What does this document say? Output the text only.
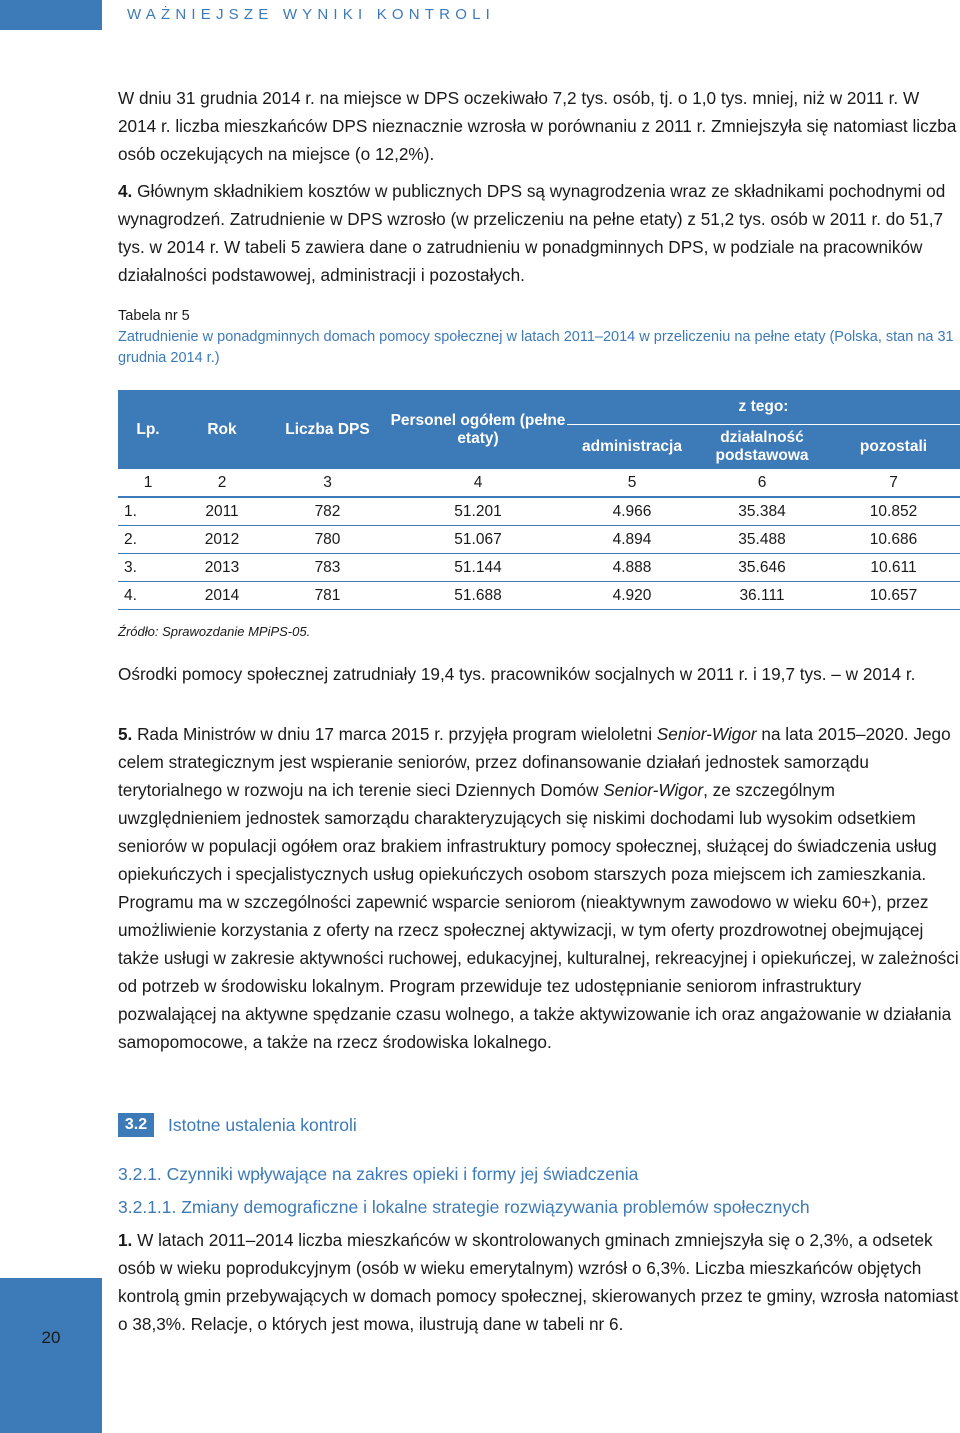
WAŻNIEJSZE WYNIKI KONTROLI

W dniu 31 grudnia 2014 r. na miejsce w DPS oczekiwało 7,2 tys. osób, tj. o 1,0 tys. mniej, niż w 2011 r. W 2014 r. liczba mieszkańców DPS nieznacznie wzrosła w porównaniu z 2011 r. Zmniejszyła się natomiast liczba osób oczekujących na miejsce (o 12,2%).

4. Głównym składnikiem kosztów w publicznych DPS są wynagrodzenia wraz ze składnikami pochodnymi od wynagrodzeń. Zatrudnienie w DPS wzrosło (w przeliczeniu na pełne etaty) z 51,2 tys. osób w 2011 r. do 51,7 tys. w 2014 r. W tabeli 5 zawiera dane o zatrudnieniu w ponadgminnych DPS, w podziale na pracowników działalności podstawowej, administracji i pozostałych.

Tabela nr 5
Zatrudnienie w ponadgminnych domach pomocy społecznej w latach 2011–2014 w przeliczeniu na pełne etaty (Polska, stan na 31 grudnia 2014 r.)
Lp.	Rok	Liczba DPS	Personel ogółem (pełne etaty)	z tego:		
				administracja	działalność podstawowa	pozostali
1	2	3	4	5	6	7
1.	2011	782	51.201	4.966	35.384	10.852
2.	2012	780	51.067	4.894	35.488	10.686
3.	2013	783	51.144	4.888	35.646	10.611
4.	2014	781	51.688	4.920	36.111	10.657
Źródło: Sprawozdanie MPiPS-05.

Ośrodki pomocy społecznej zatrudniały 19,4 tys. pracowników socjalnych w 2011 r. i 19,7 tys. – w 2014 r.

5. Rada Ministrów w dniu 17 marca 2015 r. przyjęła program wieloletni Senior-Wigor na lata 2015–2020. Jego celem strategicznym jest wspieranie seniorów, przez dofinansowanie działań jednostek samorządu terytorialnego w rozwoju na ich terenie sieci Dziennych Domów Senior-Wigor, ze szczególnym uwzględnieniem jednostek samorządu charakteryzujących się niskimi dochodami lub wysokim odsetkiem seniorów w populacji ogółem oraz brakiem infrastruktury pomocy społecznej, służącej do świadczenia usług opiekuńczych i specjalistycznych usług opiekuńczych osobom starszych poza miejscem ich zamieszkania. Programu ma w szczególności zapewnić wsparcie seniorom (nieaktywnym zawodowo w wieku 60+), przez umożliwienie korzystania z oferty na rzecz społecznej aktywizacji, w tym oferty prozdrowotnej obejmującej także usługi w zakresie aktywności ruchowej, edukacyjnej, kulturalnej, rekreacyjnej i opiekuńczej, w zależności od potrzeb w środowisku lokalnym. Program przewiduje tez udostępnianie seniorom infrastruktury pozwalającej na aktywne spędzanie czasu wolnego, a także aktywizowanie ich oraz angażowanie w działania samopomocowe, a także na rzecz środowiska lokalnego.

3.2	Istotne ustalenia kontroli
3.2.1. Czynniki wpływające na zakres opieki i formy jej świadczenia
3.2.1.1. Zmiany demograficzne i lokalne strategie rozwiązywania problemów społecznych

1. W latach 2011–2014 liczba mieszkańców w skontrolowanych gminach zmniejszyła się o 2,3%, a odsetek osób w wieku poprodukcyjnym (osób w wieku emerytalnym) wzrósł o 6,3%. Liczba mieszkańców objętych kontrolą gmin przebywających w domach pomocy społecznej, skierowanych przez te gminy, wzrosła natomiast o 38,3%. Relacje, o których jest mowa, ilustrują dane w tabeli nr 6.

20
